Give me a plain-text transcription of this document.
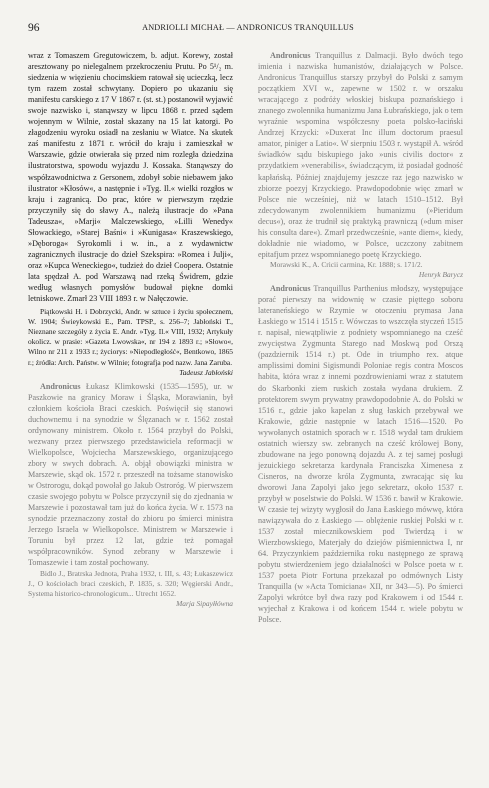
96	ANDRIOLLI MICHAŁ — ANDRONICUS TRANQUILLUS

wraz z Tomaszem Gregutowiczem, b. adjut. Korewy, został aresztowany po nielegalnem przekroczeniu Prutu. Po 5¹/₂ m. siedzenia w więzieniu chocimskiem ratował się ucieczką, lecz tym razem został schwytany. Dopiero po ukazaniu się manifestu carskiego z 17 V 1867 r. (st. st.) postanowił wyjawić swoje nazwisko i, stanąwszy w lipcu 1868 r. przed sądem wojennym w Wilnie, został skazany na 15 lat katorgi. Po złagodzeniu wyroku osiadł na zesłaniu w Wiatce. Na skutek zaś manifestu z 1871 r. wrócił do kraju i zamieszkał w Warszawie, gdzie otwierała się przed nim rozległa dziedzina ilustratorstwa, spowodu wyjazdu J. Kossaka. Stanąwszy do współzawodnictwa z Gersonem, zdobył sobie niebawem jako ilustrator »Kłosów«, a następnie i »Tyg. Il.« wielki rozgłos w kraju i zagranicą. Do prac, które w pierwszym rzędzie przyczyniły się do sławy A., należą ilustracje do »Pana Tadeusza«, »Marji« Malczewskiego, »Lilli Wenedy« Słowackiego, »Starej Baśni« i »Kunigasa« Kraszewskiego, »Dęboroga« Syrokomli i w. in., a z wydawnictw zagranicznych ilustracje do dzieł Szekspira: »Romea i Julji«, oraz »Kupca Weneckiego«, tudzież do dzieł Coopera. Ostatnie lata spędzał A. pod Warszawą nad rzeką Świdrem, gdzie według własnych pomysłów budował piękne domki letniskowe. Zmarł 23 VIII 1893 r. w Nałęczowie.

Piątkowski H. i Dobrzycki, Andr. w sztuce i życiu społecznem, W. 1904; Świeykowski E., Pam. TPSP., s. 256–7; Jabłoński T., Nieznane szczegóły z życia E. Andr. »Tyg. Il.« VIII, 1932; Artykuły okolicz. w prasie: »Gazeta Lwowska«, nr 194 z 1893 r.; »Słowo«, Wilno nr 211 z 1933 r.; życiorys: »Niepodległość«, Bentkowo, 1865 r.; źródła: Arch. Państw. w Wilnie; fotografja pod nazw. Jana Zaruba.

Tadeusz Jabłoński

Andronicus Łukasz Klimkowski (1535—1595), ur. w Paszkowie na granicy Moraw i Śląska, Morawianin, był członkiem kościoła Braci czeskich. Poświęcił się stanowi duchownemu i na synodzie w Ślęzanach w r. 1562 został ordynowany ministrem. Około r. 1564 przybył do Polski, wezwany przez pierwszego przedstawiciela reformacji w Wielkopolsce, Wojciecha Marszewskiego, organizującego zbory w swych dobrach. A. objął obowiązki ministra w Marszewie, skąd ok. 1572 r. przeszedł na tożsame stanowisko w Ostrorogu, dokąd powołał go Jakub Ostroróg. W pierwszem czasie swojego pobytu w Polsce przyczynił się do zjednania w Marszewie i pozostawał tam już do końca życia. W r. 1573 na synodzie przeznaczony został do zbioru po śmierci ministra Jerzego Israela w Wielkopolsce. Ministrem w Marszewie i Toruniu był przez 12 lat, gdzie też pomagał współpracowników. Synod zebrany w Marszewie i Tomaszewie i tam został pochowany.

Bidlo J., Bratrska Jednota, Praha 1932, t. III, s. 43; Łukaszewicz J., O kościołach braci czeskich, P. 1835, s. 320; Węgierski Andr., Systema historico-chronologicum... Utrecht 1652.

Marja Sipayłłówna

Andronicus Tranquillus z Dalmacji. Było dwóch tego imienia i nazwiska humanistów, działających w Polsce. Andronicus Tranquillus starszy przybył do Polski z samym początkiem XVI w., zapewne w 1502 r. w orszaku wracającego z podróży włoskiej biskupa poznańskiego i znanego zwolennika humanizmu Jana Łubrańskiego, jak o tem wyraźnie wspomina współczesny poeta polsko-łaciński Andrzej Krzycki: »Duxerat Inc illum doctorum praesul amator, piniger a Latio«. W sierpniu 1503 r. wystąpił A. wśród świadków sądu biskupiego jako »unis civilis doctor« z przydatkiem »venerabilis«, świadczącym, iż posiadał godność kapłańską. Później znajdujemy jeszcze raz jego nazwisko w zbiorze poezyj Krzyckiego. Prawdopodobnie więc zmarł w Polsce nie wcześniej, niż w latach 1510–1512. Był zdecydowanym zwolennikiem humanizmu (»Pieridum decus«), oraz że trudnił się praktyką prawniczą (»dum miser his consulta dare«). Zmarł przedwcześnie, »ante diem«, kiedy, dokładnie nie wiadomo, w Polsce, uczczony zabitnem epitafjum przez wspomnianego poetę Krzyckiego.

Morawski K., A. Cricii carmina, Kr. 1888; s. 171/2.

Henryk Barycz

Andronicus Tranquillus Parthenius młodszy, występujące porać pierwszy na widownię w czasie pięttego soboru lateraneńskiego w Rzymie w otoczeniu prymasa Jana Łaskiego w 1514 i 1515 r. Wówczas to wszczęła styczeń 1515 r. napisał, niewątpliwie z podniety wspomnianego na cześć zwycięstwa Zygmunta Starego nad Moskwą pod Orszą (pazdziernik 1514 r.) pt. Ode in triumpho rex. atque amplissimi domini Sigismundi Poloniae regis contra Moscos habita, która wraz z innemi pozdrowieniami wraz z statutem do Skarbonki ziem ruskich została wydana drukiem. Z protektorem swym prywatny prawdopodobnie A. do Polski w 1516 r., gdzie jako kapelan z sług łaskich przebywał we Krakowie, gdzie następnie w latach 1516—1520. Po wywołanych ostatnich sporach w r. 1518 wydał tam drukiem ostatnich wierszy sw. zebranych na cześć królowej Bony, zbudowane na jego ponowną dojazdu A. z tej samej posługi jezuickiego sekretarza kardynała Franciszka Ximenesa z Cisneros, na dworze króla Zygmunta, zwracając się ku dworowi Jana Zapolyi jako jego sekretarz, około 1537 r. przybył w poselstwie do Polski. W 1536 r. bawił w Krakowie. W czasie tej wizyty wygłosił do Jana Łaskiego mówwę, która nawiązywała do z Łaskiego — oblężenie ruskiej Polski w r. 1537 został miecznikowskiem pod Twierdzą i w Wierzbowskiego, Materjały do dziejów piśmiennictwa I, nr 64. Przyczynkiem października roku następnego ze sprawą pobytu stwierdzeniem jego działalności w Polsce poeta w r. 1537 poeta Piotr Fortuna przekazał po odmównych Listy Tranquilla (w »Acta Tomiciana« XII, nr 343—5). Po śmierci Zapolyi wkrótce był dwa razy pod Krakowem i od 1544 r. wyjechał z Krakowa i od końcem 1544 r. wiele pobytu w Polsce.
